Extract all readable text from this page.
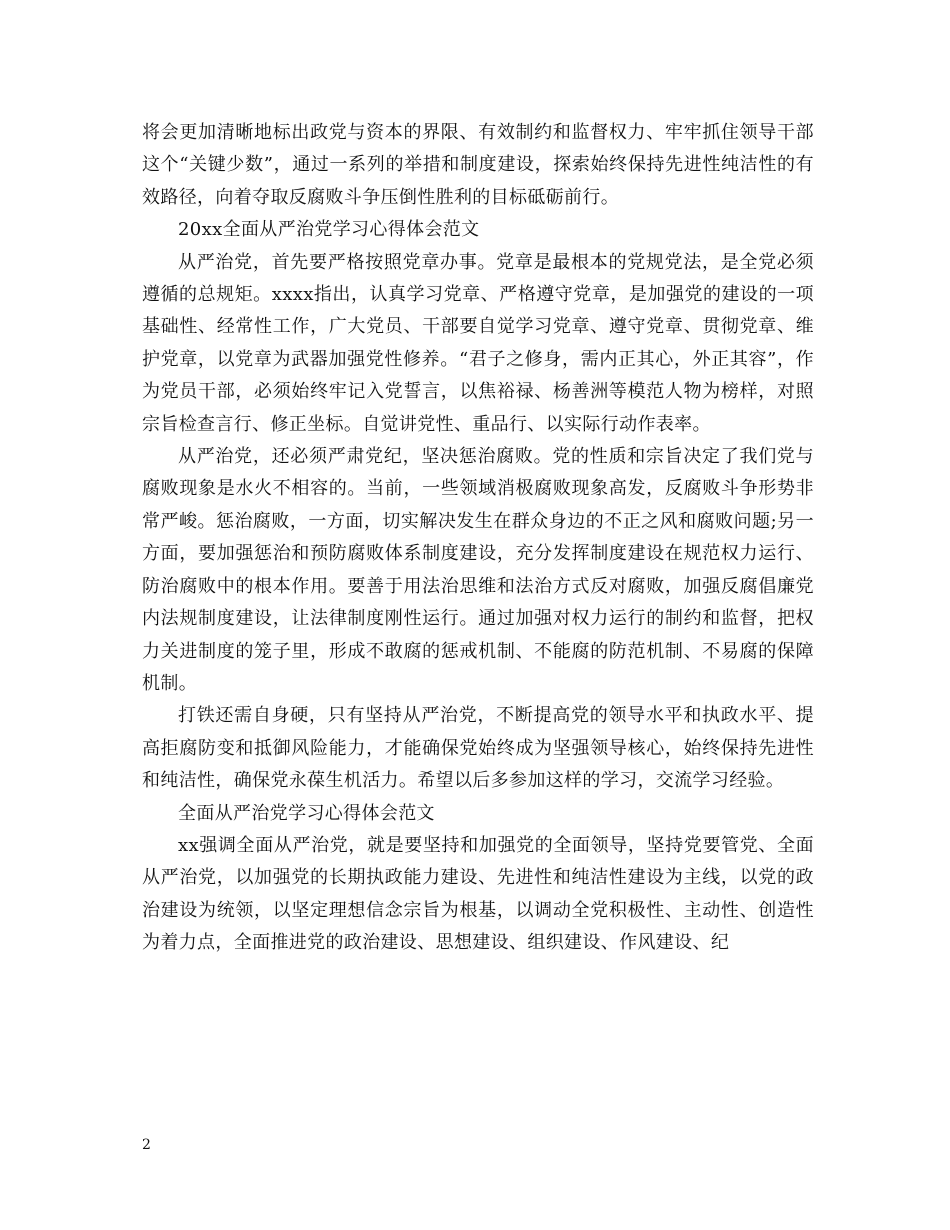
将会更加清晰地标出政党与资本的界限、有效制约和监督权力、牢牢抓住领导干部这个“关键少数”，通过一系列的举措和制度建设，探索始终保持先进性纯洁性的有效路径，向着夺取反腐败斗争压倒性胜利的目标砥砺前行。

20xx全面从严治党学习心得体会范文

从严治党，首先要严格按照党章办事。党章是最根本的党规党法，是全党必须遵循的总规矩。xxxx指出，认真学习党章、严格遵守党章，是加强党的建设的一项基础性、经常性工作，广大党员、干部要自觉学习党章、遵守党章、贯彻党章、维护党章，以党章为武器加强党性修养。“君子之修身，需内正其心，外正其容”，作为党员干部，必须始终牢记入党誓言，以焦裕禄、杨善洲等模范人物为榜样，对照宗旨检查言行、修正坐标。自觉讲党性、重品行、以实际行动作表率。

从严治党，还必须严肃党纪，坚决惩治腐败。党的性质和宗旨决定了我们党与腐败现象是水火不相容的。当前，一些领域消极腐败现象高发，反腐败斗争形势非常严峻。惩治腐败，一方面，切实解决发生在群众身边的不正之风和腐败问题;另一方面，要加强惩治和预防腐败体系制度建设，充分发挥制度建设在规范权力运行、防治腐败中的根本作用。要善于用法治思维和法治方式反对腐败，加强反腐倡廉党内法规制度建设，让法律制度刚性运行。通过加强对权力运行的制约和监督，把权力关进制度的笼子里，形成不敢腐的惩戒机制、不能腐的防范机制、不易腐的保障机制。

打铁还需自身硬，只有坚持从严治党，不断提高党的领导水平和执政水平、提高拒腐防变和抵御风险能力，才能确保党始终成为坚强领导核心，始终保持先进性和纯洁性，确保党永葆生机活力。希望以后多参加这样的学习，交流学习经验。

全面从严治党学习心得体会范文

xx强调全面从严治党，就是要坚持和加强党的全面领导，坚持党要管党、全面从严治党，以加强党的长期执政能力建设、先进性和纯洁性建设为主线，以党的政治建设为统领，以坚定理想信念宗旨为根基，以调动全党积极性、主动性、创造性为着力点，全面推进党的政治建设、思想建设、组织建设、作风建设、纪

2
